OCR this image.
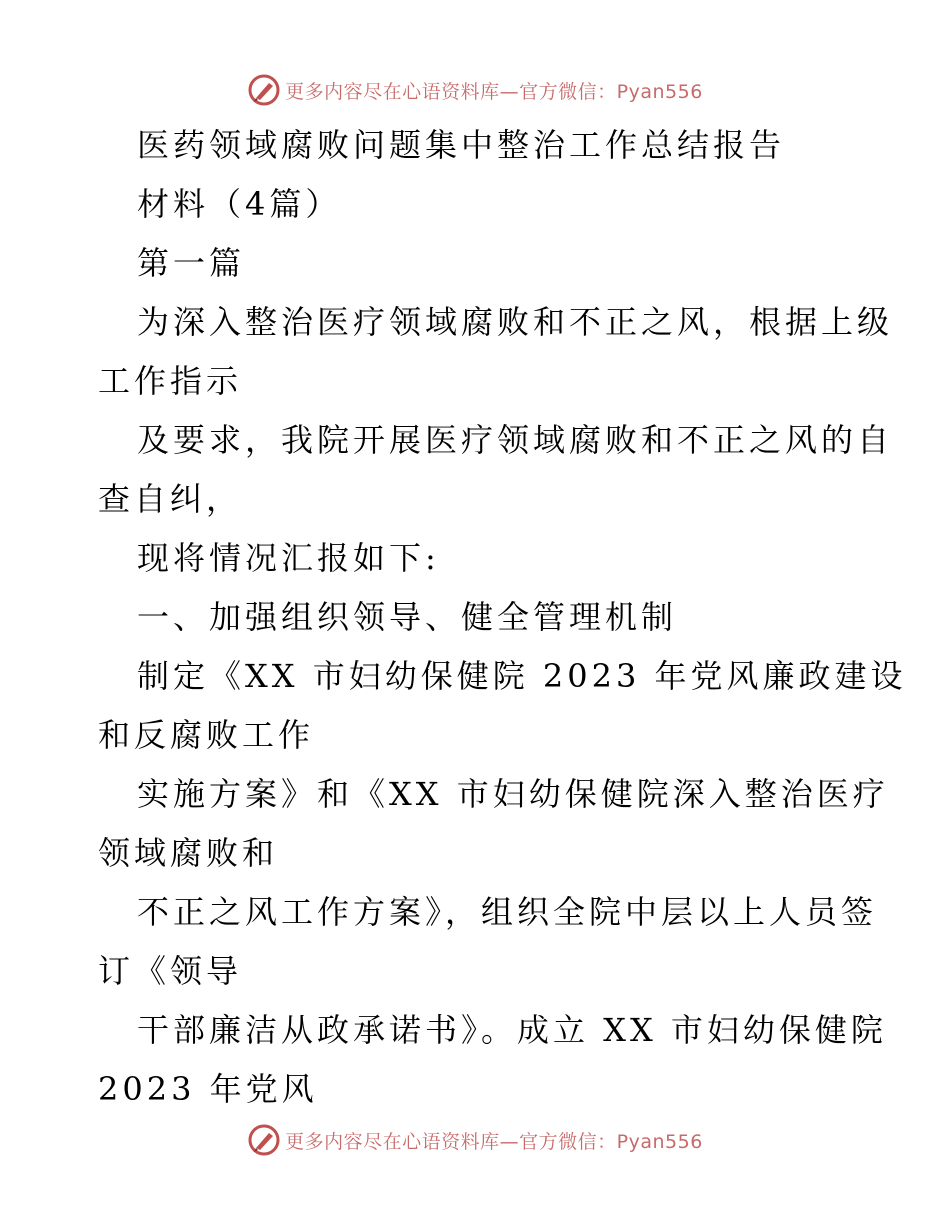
更多内容尽在心语资料库—官方微信：Pyan556
医药领域腐败问题集中整治工作总结报告
材料（4篇）
第一篇
为深入整治医疗领域腐败和不正之风，根据上级
工作指示
及要求，我院开展医疗领域腐败和不正之风的自
查自纠，
现将情况汇报如下:
一、加强组织领导、健全管理机制
制定《XX 市妇幼保健院 2023 年党风廉政建设
和反腐败工作
实施方案》和《XX 市妇幼保健院深入整治医疗
领域腐败和
不正之风工作方案》，组织全院中层以上人员签
订《领导
干部廉洁从政承诺书》。成立 XX 市妇幼保健院
2023 年党风
更多内容尽在心语资料库—官方微信：Pyan556
